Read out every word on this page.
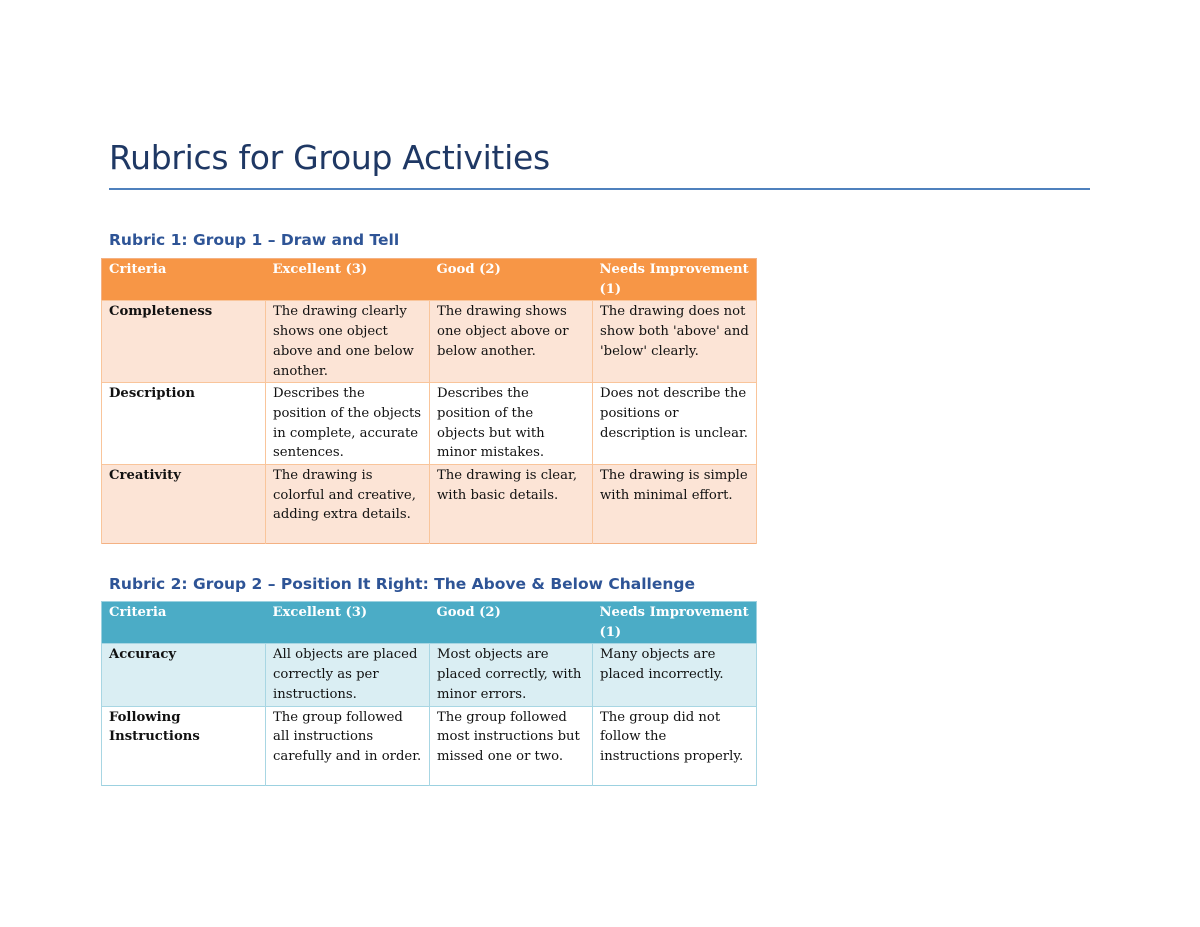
Rubrics for Group Activities
Rubric 1: Group 1 – Draw and Tell
Criteria	Excellent (3)	Good (2)	Needs Improvement (1)
Completeness	The drawing clearly shows one object above and one below another.	The drawing shows one object above or below another.	The drawing does not show both 'above' and 'below' clearly.
Description	Describes the position of the objects in complete, accurate sentences.	Describes the position of the objects but with minor mistakes.	Does not describe the positions or description is unclear.
Creativity	The drawing is colorful and creative, adding extra details.	The drawing is clear, with basic details.	The drawing is simple with minimal effort.
Rubric 2: Group 2 – Position It Right: The Above & Below Challenge
Criteria	Excellent (3)	Good (2)	Needs Improvement (1)
Accuracy	All objects are placed correctly as per instructions.	Most objects are placed correctly, with minor errors.	Many objects are placed incorrectly.
Following Instructions	The group followed all instructions carefully and in order.	The group followed most instructions but missed one or two.	The group did not follow the instructions properly.
